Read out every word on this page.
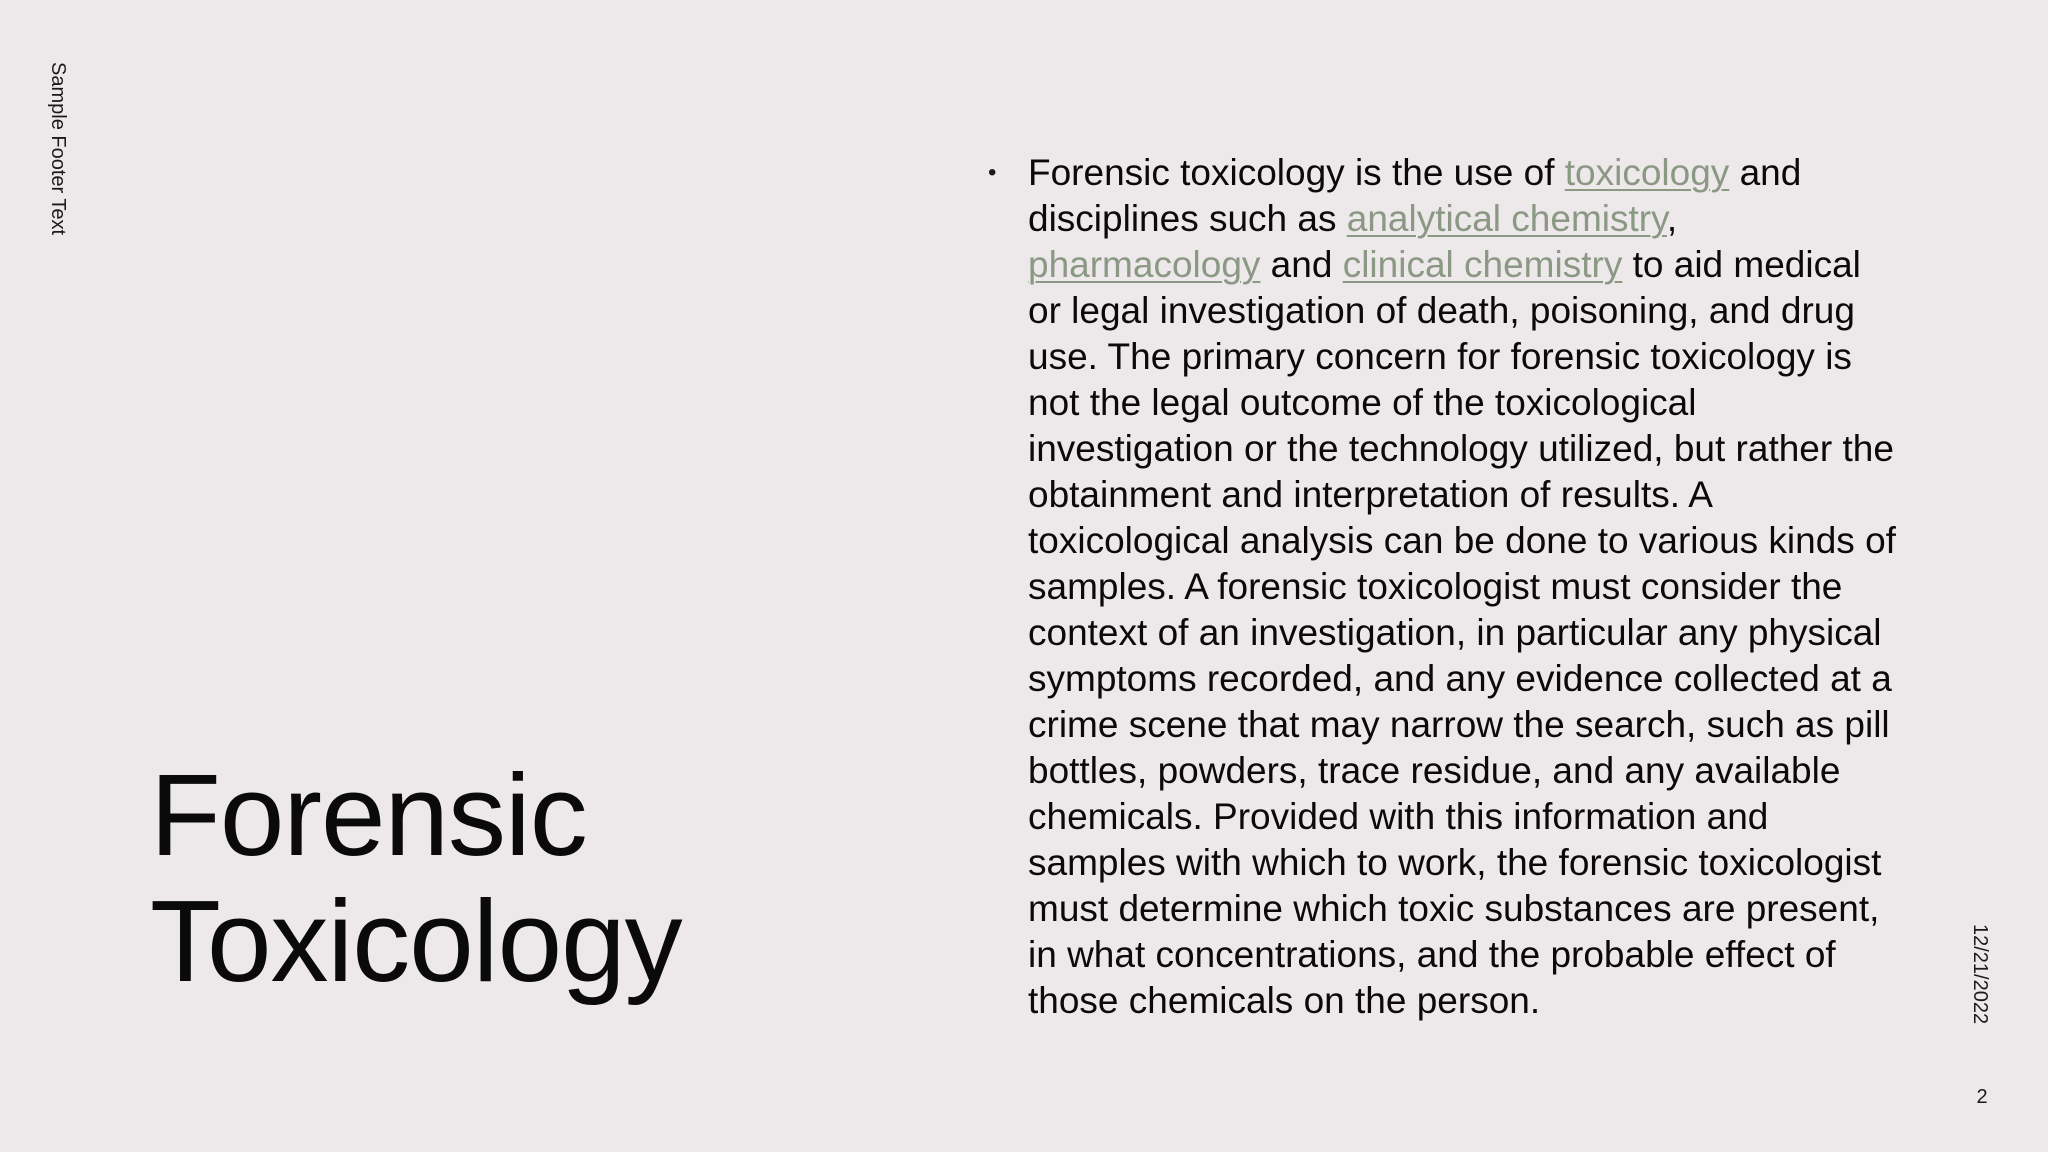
Sample Footer Text
Forensic
Toxicology
• Forensic toxicology is the use of toxicology and disciplines such as analytical chemistry, pharmacology and clinical chemistry to aid medical or legal investigation of death, poisoning, and drug use. The primary concern for forensic toxicology is not the legal outcome of the toxicological investigation or the technology utilized, but rather the obtainment and interpretation of results. A toxicological analysis can be done to various kinds of samples. A forensic toxicologist must consider the context of an investigation, in particular any physical symptoms recorded, and any evidence collected at a crime scene that may narrow the search, such as pill bottles, powders, trace residue, and any available chemicals. Provided with this information and samples with which to work, the forensic toxicologist must determine which toxic substances are present, in what concentrations, and the probable effect of those chemicals on the person.	12/21/2022
2
